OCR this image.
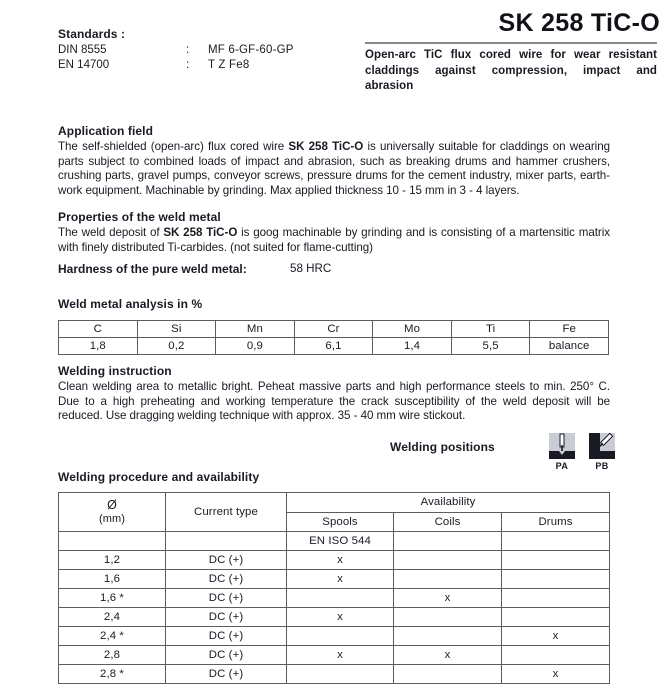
Standards :
DIN 8555	:	MF 6-GF-60-GP
EN 14700	:	T Z Fe8
SK 258 TiC-O
Open-arc TiC flux cored wire for wear resistant claddings against compression, impact and abrasion
Application field
The self-shielded (open-arc) flux cored wire SK 258 TiC-O is universally suitable for claddings on wearing parts subject to combined loads of impact and abrasion, such as breaking drums and hammer crushers, crushing parts, gravel pumps, conveyor screws, pressure drums for the cement industry, mixer parts, earth-work equipment. Machinable by grinding. Max applied thickness 10 - 15 mm in 3 - 4 layers.
Properties of the weld metal
The weld deposit of SK 258 TiC-O is goog machinable by grinding and is consisting of a martensitic matrix with finely distributed Ti-carbides. (not suited for flame-cutting)
Hardness of the pure weld metal:	58 HRC
Weld metal analysis in %
C	Si	Mn	Cr	Mo	Ti	Fe
1,8	0,2	0,9	6,1	1,4	5,5	balance
Welding instruction
Clean welding area to metallic bright. Peheat massive parts and high performance steels to min. 250° C. Due to a high preheating and working temperature the crack susceptibility of the weld deposit will be reduced. Use dragging welding technique with approx. 35 - 40 mm wire stickout.
Welding positions
PA	PB
Welding procedure and availability
Ø
(mm)	Current type	Availability		
		Spools	Coils	Drums
		EN ISO 544		
1,2	DC (+)	x		
1,6	DC (+)	x		
1,6 *	DC (+)		x	
2,4	DC (+)	x		
2,4 *	DC (+)			x
2,8	DC (+)	x	x	
2,8 *	DC (+)			x
